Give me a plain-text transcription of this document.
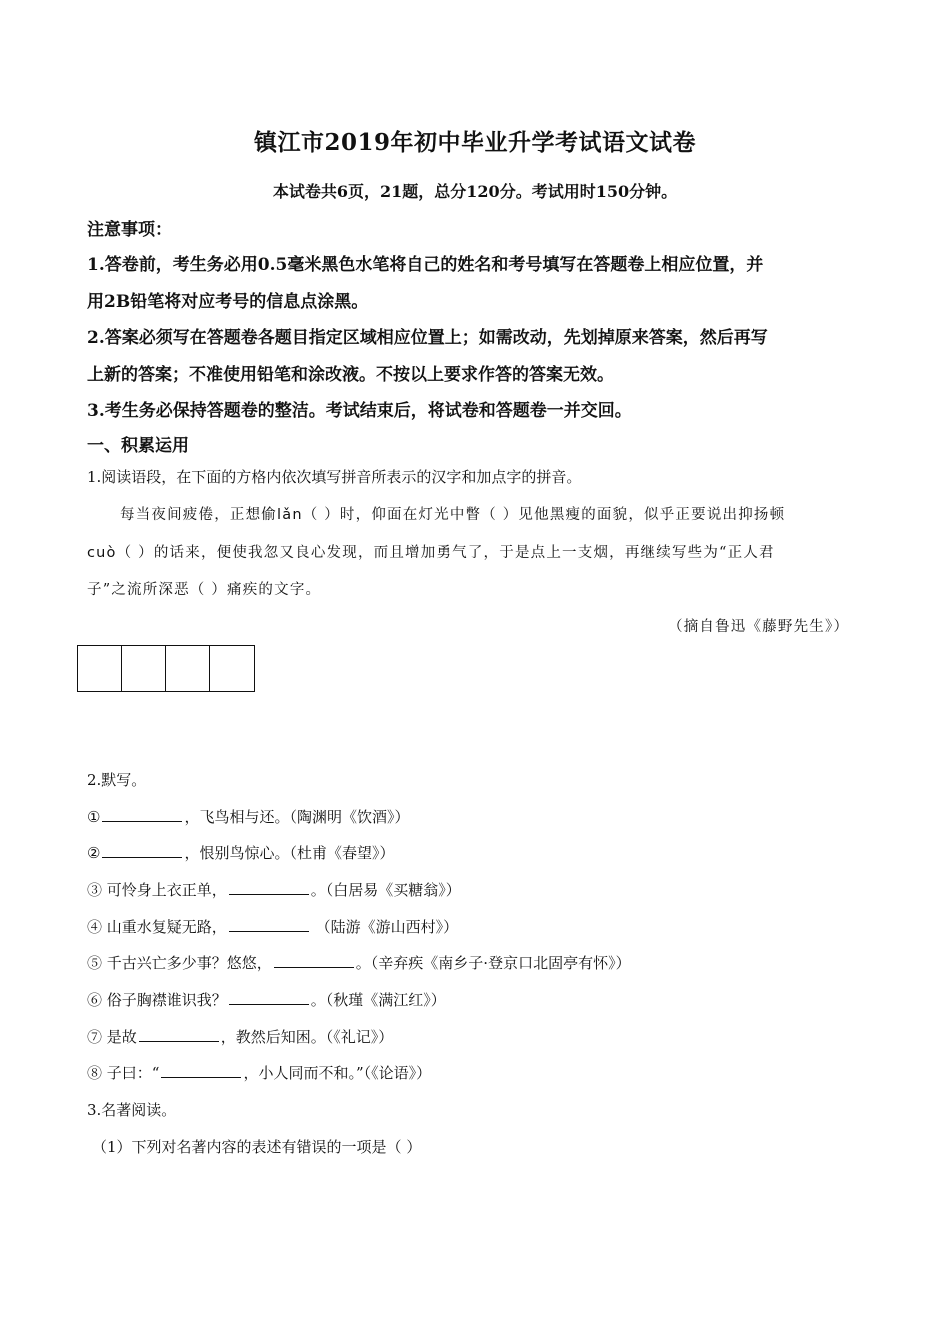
镇江市2019年初中毕业升学考试语文试卷
本试卷共6页，21题，总分120分。考试用时150分钟。
注意事项：
1.答卷前，考生务必用0.5毫米黑色水笔将自己的姓名和考号填写在答题卷上相应位置，并
用2B铅笔将对应考号的信息点涂黑。
2.答案必须写在答题卷各题目指定区域相应位置上；如需改动，先划掉原来答案，然后再写
上新的答案；不准使用铅笔和涂改液。不按以上要求作答的答案无效。
3.考生务必保持答题卷的整洁。考试结束后，将试卷和答题卷一并交回。
一、积累运用
1.阅读语段，在下面的方格内依次填写拼音所表示的汉字和加点字的拼音。
每当夜间疲倦，正想偷lǎn（ ）时，仰面在灯光中瞥（ ）见他黑瘦的面貌，似乎正要说出抑扬顿
cuò（ ）的话来，便使我忽又良心发现，而且增加勇气了，于是点上一支烟，再继续写些为“正人君
子”之流所深恶（ ）痛疾的文字。
（摘自鲁迅《藤野先生》）
2.默写。
①	，飞鸟相与还。（陶渊明《饮酒》）
②	，恨别鸟惊心。（杜甫《春望》）
③ 可怜身上衣正单，	。（白居易《买糖翁》）
④ 山重水复疑无路，	（陆游《游山西村》）
⑤ 千古兴亡多少事？悠悠，	。（辛弃疾《南乡子·登京口北固亭有怀》）
⑥ 俗子胸襟谁识我？	。（秋瑾《满江红》）
⑦ 是故	，教然后知困。（《礼记》）
⑧ 子曰：“	，小人同而不和。”（《论语》）
3.名著阅读。
（1）下列对名著内容的表述有错误的一项是（ ）
